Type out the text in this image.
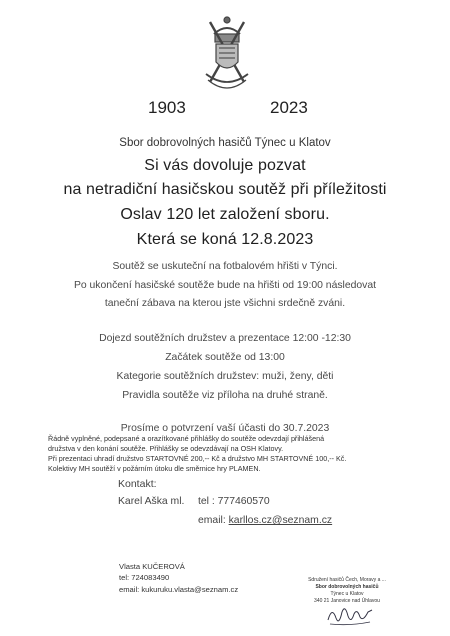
1903	2023
Sbor dobrovolných hasičů Týnec u Klatov
Si vás dovoluje pozvat
na netradiční hasičskou soutěž při příležitosti
Oslav 120 let založení sboru.
Která se koná 12.8.2023
Soutěž se uskuteční na fotbalovém hřišti v Týnci.
Po ukončení hasičské soutěže bude na hřišti od 19:00 následovat
taneční zábava na kterou jste všichni srdečně zváni.
Dojezd soutěžních družstev a prezentace 12:00 -12:30
Začátek soutěže od 13:00
Kategorie soutěžních družstev: muži, ženy, děti
Pravidla soutěže viz příloha na druhé straně.
Prosíme o potvrzení vaší účasti do 30.7.2023
Řádně vyplněné, podepsané a orazítkované přihlášky do soutěže odevzdají přihlášená
družstva v den konání soutěže. Přihlášky se odevzdávají na OSH Klatovy.
Při prezentaci uhradí družstvo STARTOVNÉ 200,-- Kč a družstvo MH STARTOVNÉ 100,-- Kč.
Kolektivy MH soutěží v požárním útoku dle směrnice hry PLAMEN.
Kontakt:
Karel Aška ml. tel : 777460570
email: karllos.cz@seznam.cz
Vlasta KUČEROVÁ
tel: 724083490
email: kukuruku.vlasta@seznam.cz
Sdružení hasičů Čech, Moravy a ...
Sbor dobrovolných hasičů
Týnec u Klatov
340 21 Janovice nad Úhlavou
